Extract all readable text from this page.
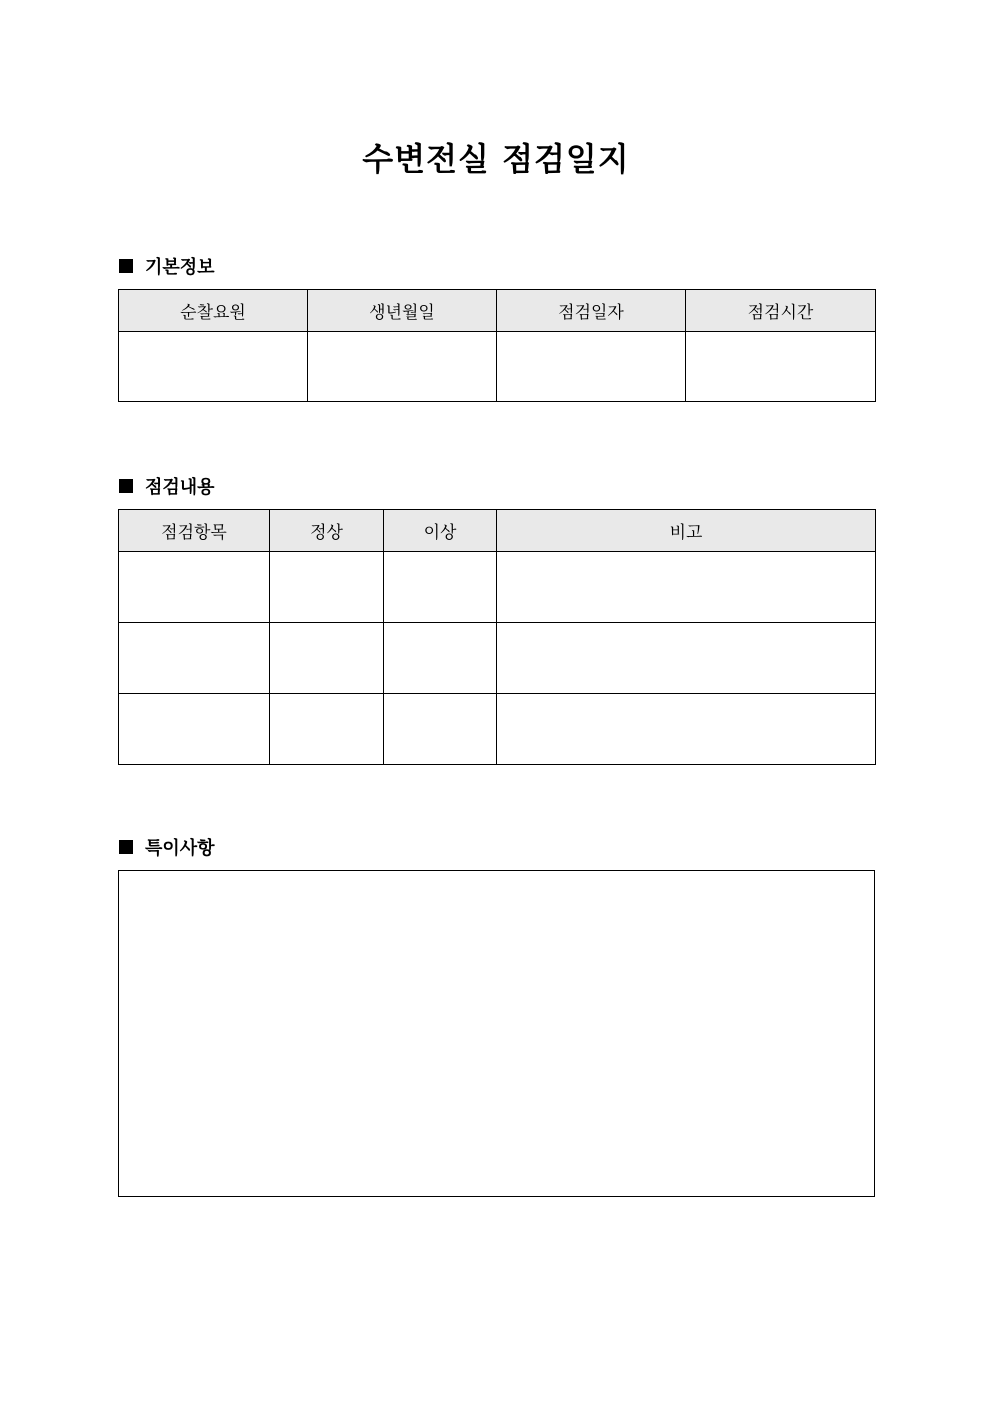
수변전실 점검일지
기본정보
순찰요원	생년월일	점검일자	점검시간

점검내용
점검항목	정상	이상	비고

특이사항
